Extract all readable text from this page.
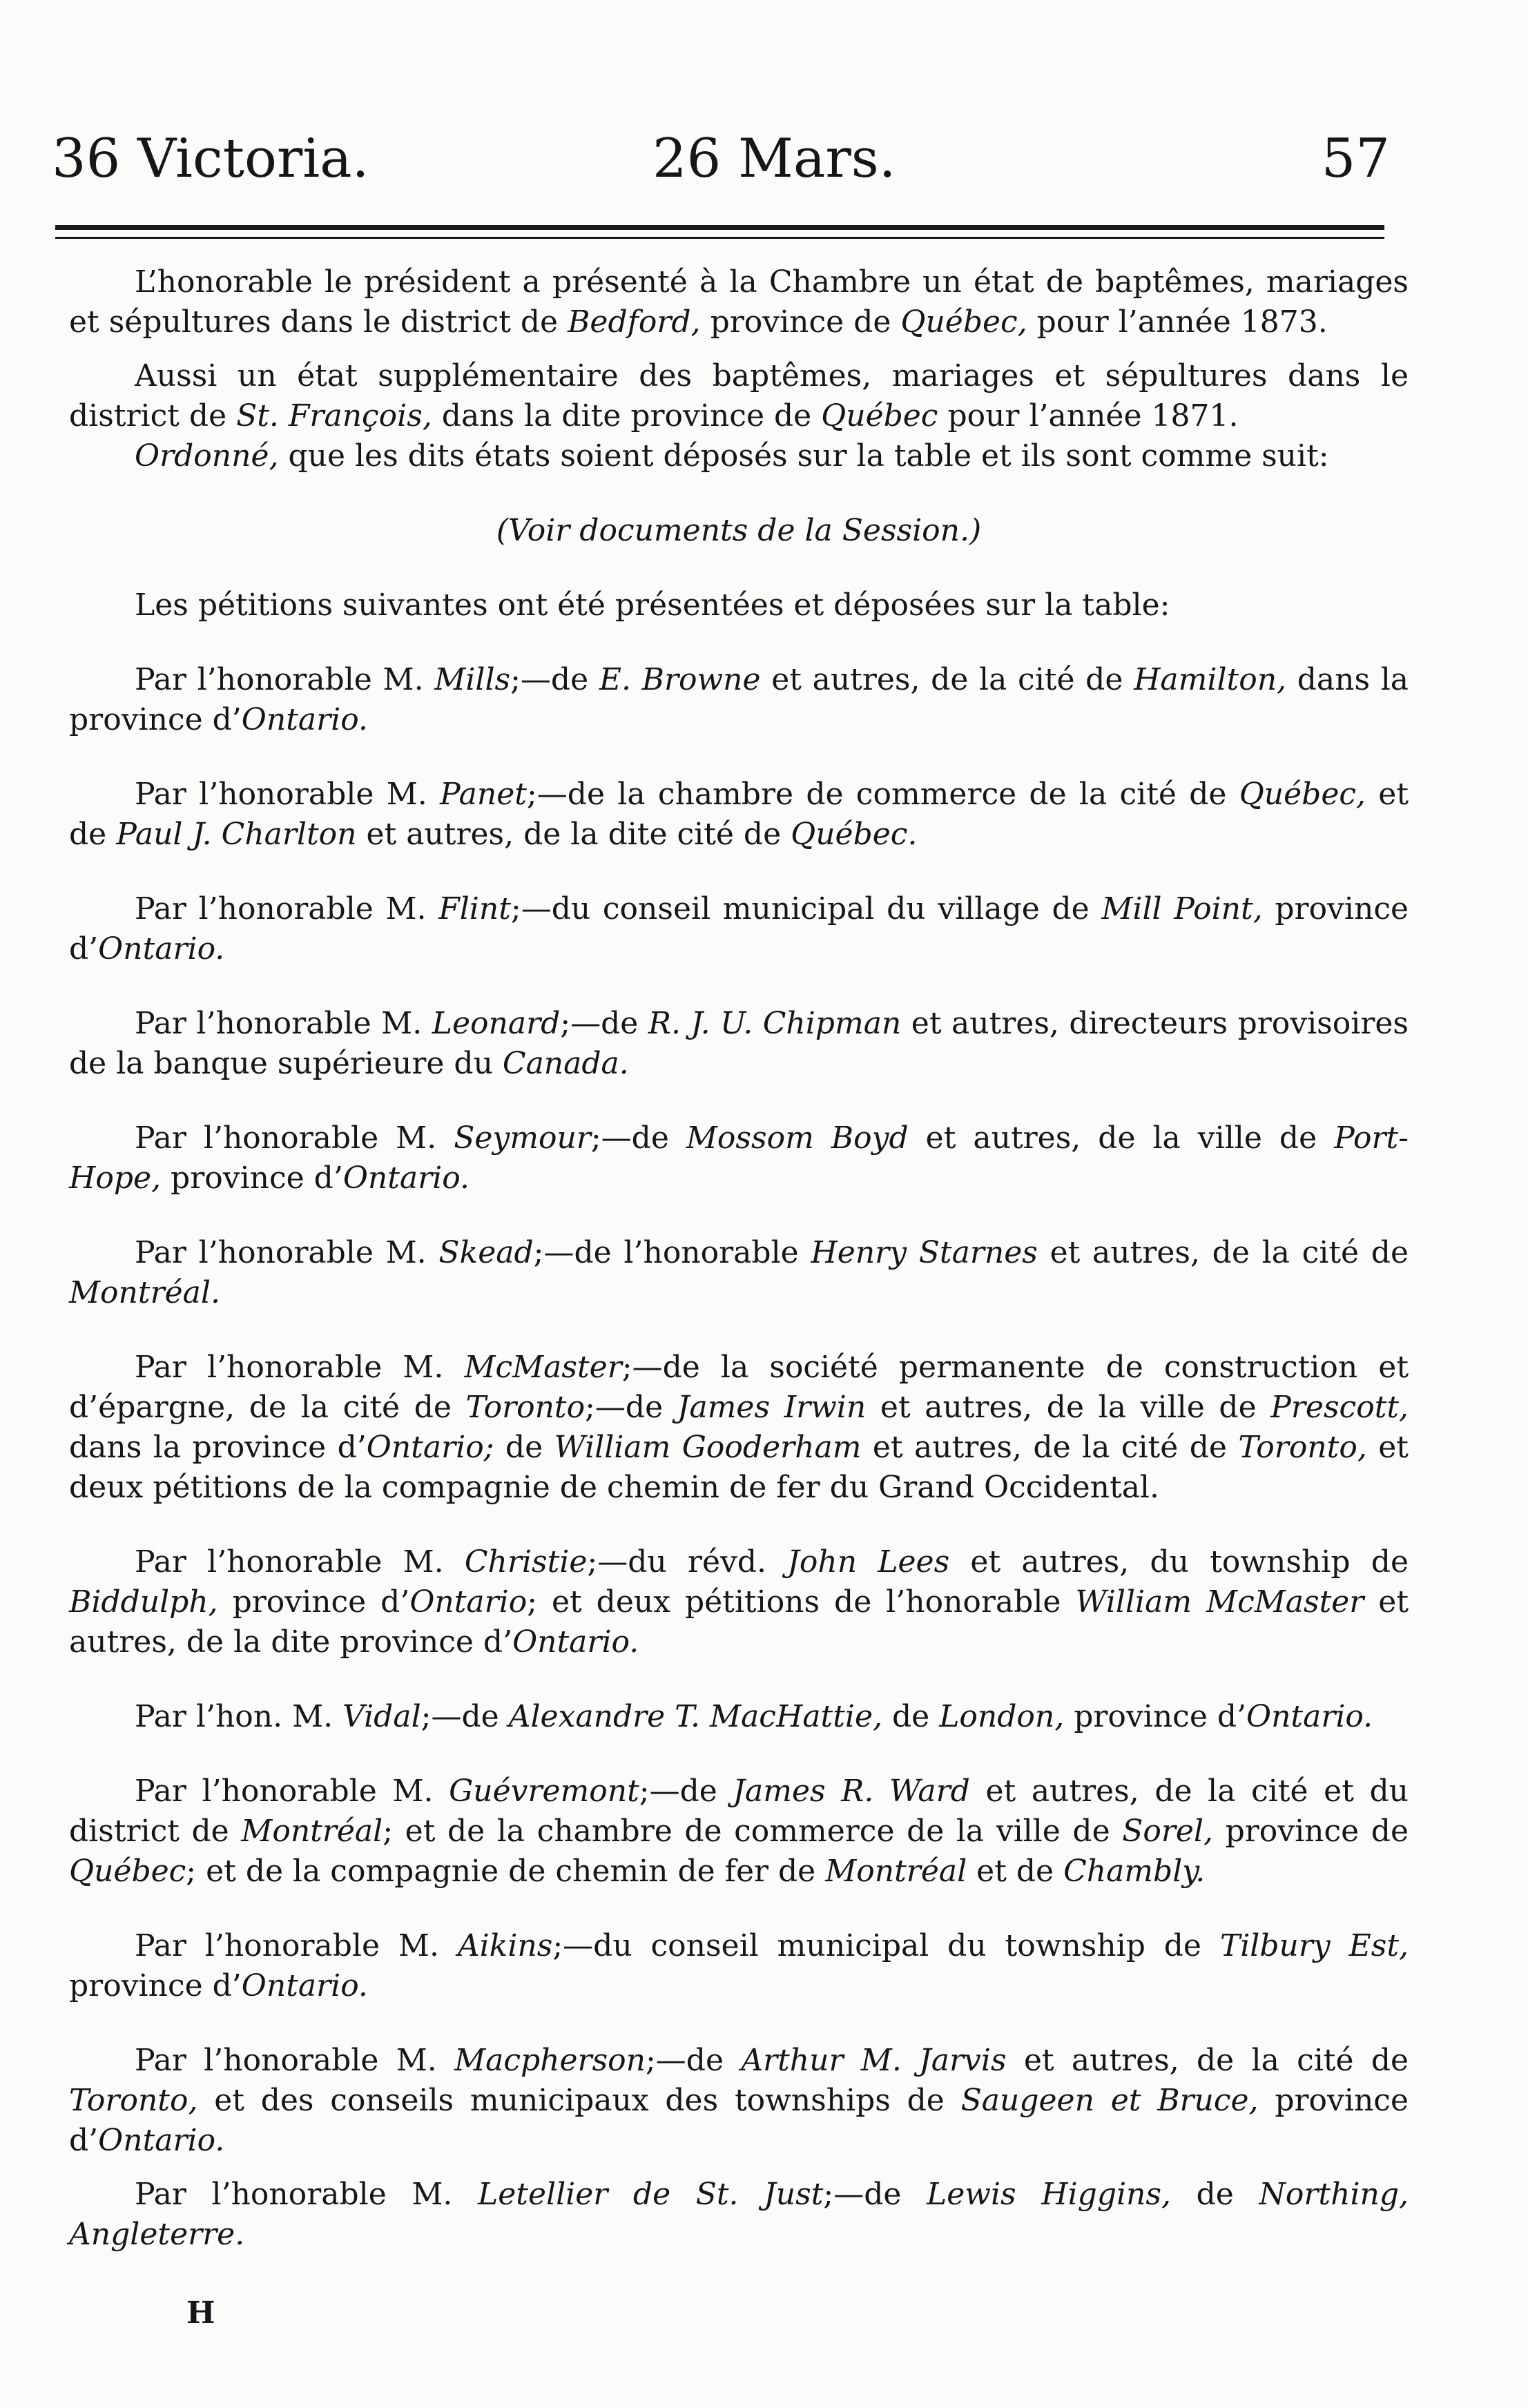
36 Victoria.	26 Mars.	57

L’honorable le président a présenté à la Chambre un état de baptêmes, mariages et sépultures dans le district de Bedford, province de Québec, pour l’année 1873.

Aussi un état supplémentaire des baptêmes, mariages et sépultures dans le district de St. François, dans la dite province de Québec pour l’année 1871.

Ordonné, que les dits états soient déposés sur la table et ils sont comme suit:

(Voir documents de la Session.)

Les pétitions suivantes ont été présentées et déposées sur la table:

Par l’honorable M. Mills;—de E. Browne et autres, de la cité de Hamilton, dans la province d’Ontario.

Par l’honorable M. Panet;—de la chambre de commerce de la cité de Québec, et de Paul J. Charlton et autres, de la dite cité de Québec.

Par l’honorable M. Flint;—du conseil municipal du village de Mill Point, province d’Ontario.

Par l’honorable M. Leonard;—de R. J. U. Chipman et autres, directeurs provisoires de la banque supérieure du Canada.

Par l’honorable M. Seymour;—de Mossom Boyd et autres, de la ville de Port-Hope, province d’Ontario.

Par l’honorable M. Skead;—de l’honorable Henry Starnes et autres, de la cité de Montréal.

Par l’honorable M. McMaster;—de la société permanente de construction et d’épargne, de la cité de Toronto;—de James Irwin et autres, de la ville de Prescott, dans la province d’Ontario; de William Gooderham et autres, de la cité de Toronto, et deux pétitions de la compagnie de chemin de fer du Grand Occidental.

Par l’honorable M. Christie;—du révd. John Lees et autres, du township de Biddulph, province d’Ontario; et deux pétitions de l’honorable William McMaster et autres, de la dite province d’Ontario.

Par l’hon. M. Vidal;—de Alexandre T. MacHattie, de London, province d’Ontario.

Par l’honorable M. Guévremont;—de James R. Ward et autres, de la cité et du district de Montréal; et de la chambre de commerce de la ville de Sorel, province de Québec; et de la compagnie de chemin de fer de Montréal et de Chambly.

Par l’honorable M. Aikins;—du conseil municipal du township de Tilbury Est, province d’Ontario.

Par l’honorable M. Macpherson;—de Arthur M. Jarvis et autres, de la cité de Toronto, et des conseils municipaux des townships de Saugeen et Bruce, province d’Ontario.

Par l’honorable M. Letellier de St. Just;—de Lewis Higgins, de Northing, Angleterre.

H
